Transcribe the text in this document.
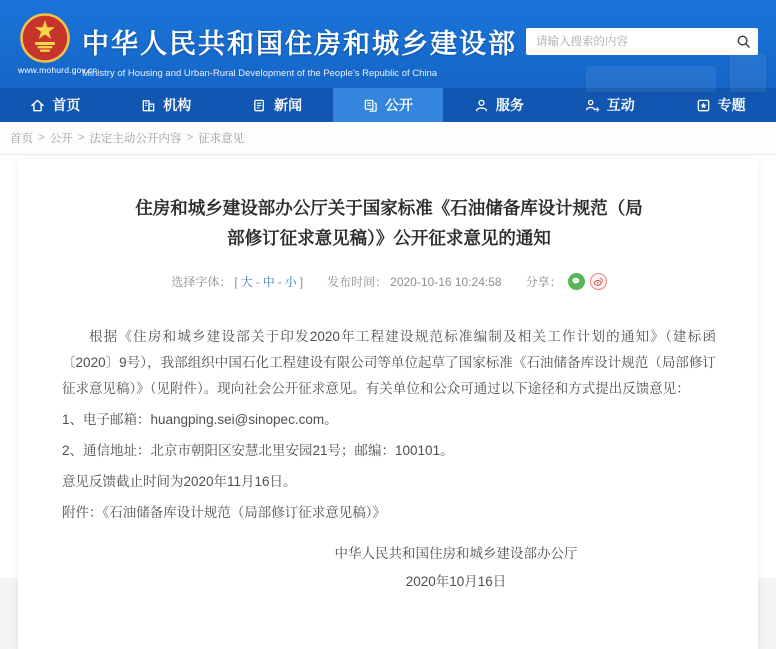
www.mohurd.gov.cn
中华人民共和国住房和城乡建设部
Ministry of Housing and Urban-Rural Development of the People's Republic of China
请输入搜索的内容
首页	机构	新闻	公开	服务	互动	专题
首页 > 公开 > 法定主动公开内容 > 征求意见
住房和城乡建设部办公厅关于国家标准《石油储备库设计规范（局部修订征求意见稿）》公开征求意见的通知
选择字体： [ 大 - 中 - 小 ] 发布时间： 2020-10-16 10:24:58 分享：

根据《住房和城乡建设部关于印发2020年工程建设规范标准编制及相关工作计划的通知》（建标函〔2020〕9号），我部组织中国石化工程建设有限公司等单位起草了国家标准《石油储备库设计规范（局部修订征求意见稿）》（见附件）。现向社会公开征求意见。有关单位和公众可通过以下途径和方式提出反馈意见：

1、电子邮箱：huangping.sei@sinopec.com。

2、通信地址：北京市朝阳区安慧北里安园21号；邮编：100101。

意见反馈截止时间为2020年11月16日。

附件：《石油储备库设计规范（局部修订征求意见稿）》

中华人民共和国住房和城乡建设部办公厅
2020年10月16日
